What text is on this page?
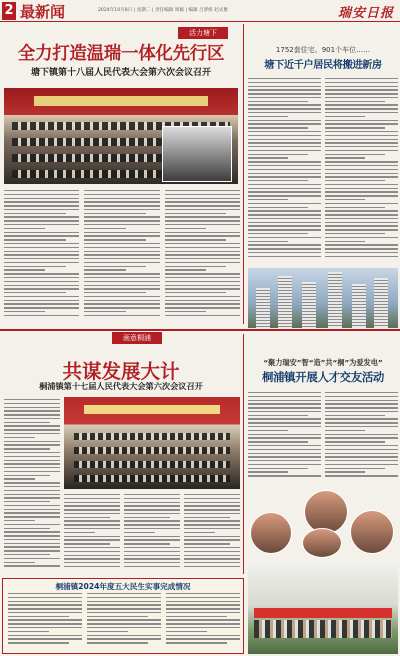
2 最新闻	2024年10月8日 | 星期二 | 责任编辑 周颖 | 编辑 吕梦娇 赵式雅	瑞安日报
活力塘下
全力打造温瑞一体化先行区
塘下镇第十八届人民代表大会第六次会议召开
1752套住宅、901个车位……
塘下近千户居民将搬进新房
画意桐浦
共谋发展大计
桐浦镇第十七届人民代表大会第六次会议召开
“聚力瑞安”智“造”共“桐”为爱发电”
桐浦镇开展人才交友活动
桐浦镇2024年度五大民生实事完成情况
